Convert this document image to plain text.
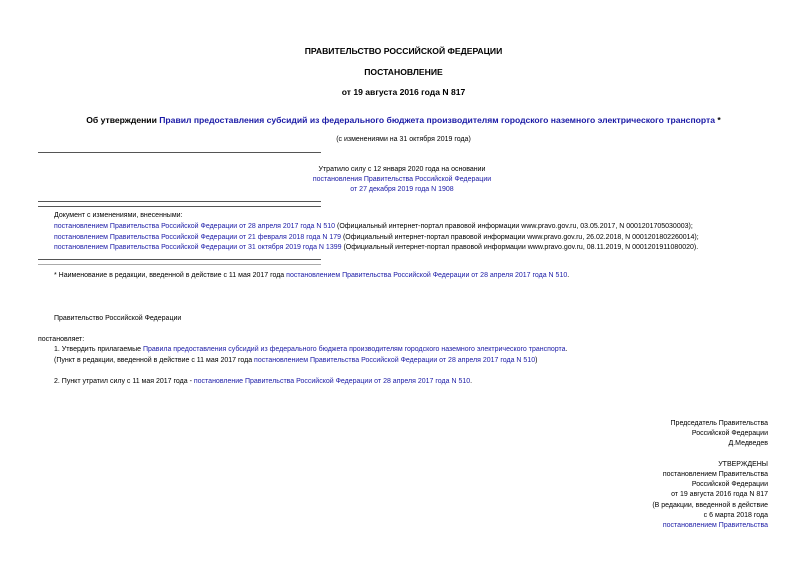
ПРАВИТЕЛЬСТВО РОССИЙСКОЙ ФЕДЕРАЦИИ
ПОСТАНОВЛЕНИЕ
от 19 августа 2016 года N 817
Об утверждении Правил предоставления субсидий из федерального бюджета производителям городского наземного электрического транспорта *
(с изменениями на 31 октября 2019 года)
Утратило силу с 12 января 2020 года на основании
постановления Правительства Российской Федерации
от 27 декабря 2019 года N 1908
Документ с изменениями, внесенными:
постановлением Правительства Российской Федерации от 28 апреля 2017 года N 510 (Официальный интернет-портал правовой информации www.pravo.gov.ru, 03.05.2017, N 0001201705030003);
постановлением Правительства Российской Федерации от 21 февраля 2018 года N 179 (Официальный интернет-портал правовой информации www.pravo.gov.ru, 26.02.2018, N 0001201802260014);
постановлением Правительства Российской Федерации от 31 октября 2019 года N 1399 (Официальный интернет-портал правовой информации www.pravo.gov.ru, 08.11.2019, N 0001201911080020).
* Наименование в редакции, введенной в действие с 11 мая 2017 года постановлением Правительства Российской Федерации от 28 апреля 2017 года N 510.
Правительство Российской Федерации
постановляет:
1. Утвердить прилагаемые Правила предоставления субсидий из федерального бюджета производителям городского наземного электрического транспорта.
(Пункт в редакции, введенной в действие с 11 мая 2017 года постановлением Правительства Российской Федерации от 28 апреля 2017 года N 510)
2. Пункт утратил силу с 11 мая 2017 года - постановление Правительства Российской Федерации от 28 апреля 2017 года N 510.
Председатель Правительства
Российской Федерации
Д.Медведев
УТВЕРЖДЕНЫ
постановлением Правительства
Российской Федерации
от 19 августа 2016 года N 817
(В редакции, введенной в действие
с 6 марта 2018 года
постановлением Правительства
